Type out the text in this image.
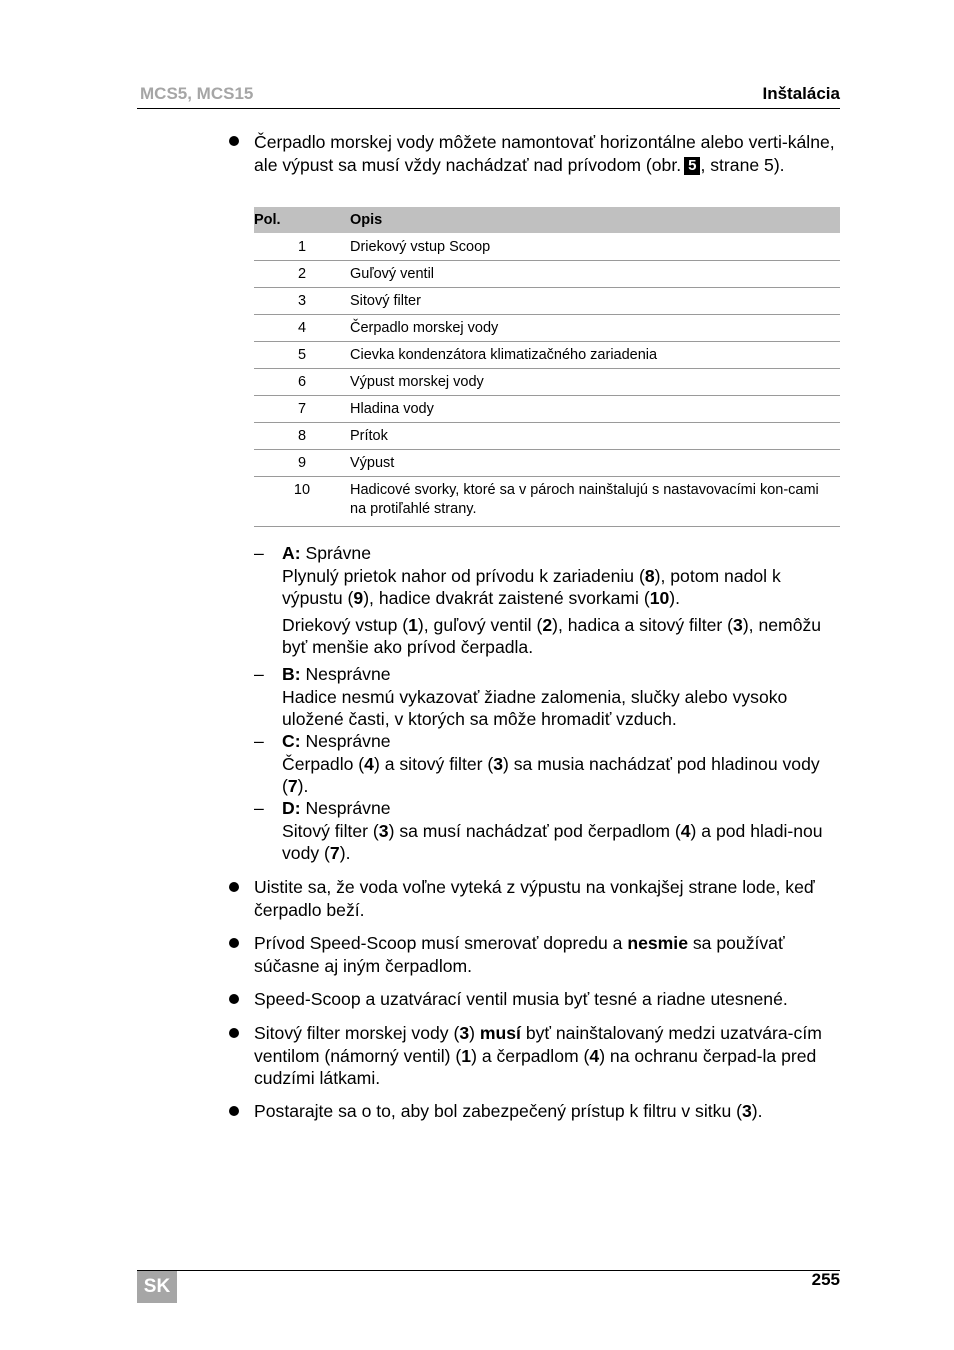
MCS5, MCS15	Inštalácia
Čerpadlo morskej vody môžete namontovať horizontálne alebo verti-kálne, ale výpust sa musí vždy nachádzať nad prívodom (obr. 5 , strane 5).
Pol.	Opis
1	Driekový vstup Scoop
2	Guľový ventil
3	Sitový filter
4	Čerpadlo morskej vody
5	Cievka kondenzátora klimatizačného zariadenia
6	Výpust morskej vody
7	Hladina vody
8	Prítok
9	Výpust
10	Hadicové svorky, ktoré sa v pároch nainštalujú s nastavovacími kon-cami na protiľahlé strany.
– A: Správne
Plynulý prietok nahor od prívodu k zariadeniu (8), potom nadol k výpustu (9), hadice dvakrát zaistené svorkami (10).
Driekový vstup (1), guľový ventil (2), hadica a sitový filter (3), nemôžu byť menšie ako prívod čerpadla.
– B: Nesprávne
Hadice nesmú vykazovať žiadne zalomenia, slučky alebo vysoko uložené časti, v ktorých sa môže hromadiť vzduch.
– C: Nesprávne
Čerpadlo (4) a sitový filter (3) sa musia nachádzať pod hladinou vody (7).
– D: Nesprávne
Sitový filter (3) sa musí nachádzať pod čerpadlom (4) a pod hladi-nou vody (7).
Uistite sa, že voda voľne vyteká z výpustu na vonkajšej strane lode, keď čerpadlo beží.
Prívod Speed-Scoop musí smerovať dopredu a nesmie sa používať súčasne aj iným čerpadlom.
Speed-Scoop a uzatvárací ventil musia byť tesné a riadne utesnené.
Sitový filter morskej vody (3) musí byť nainštalovaný medzi uzatvára-cím ventilom (námorný ventil) (1) a čerpadlom (4) na ochranu čerpad-la pred cudzími látkami.
Postarajte sa o to, aby bol zabezpečený prístup k filtru v sitku (3).
SK	255
